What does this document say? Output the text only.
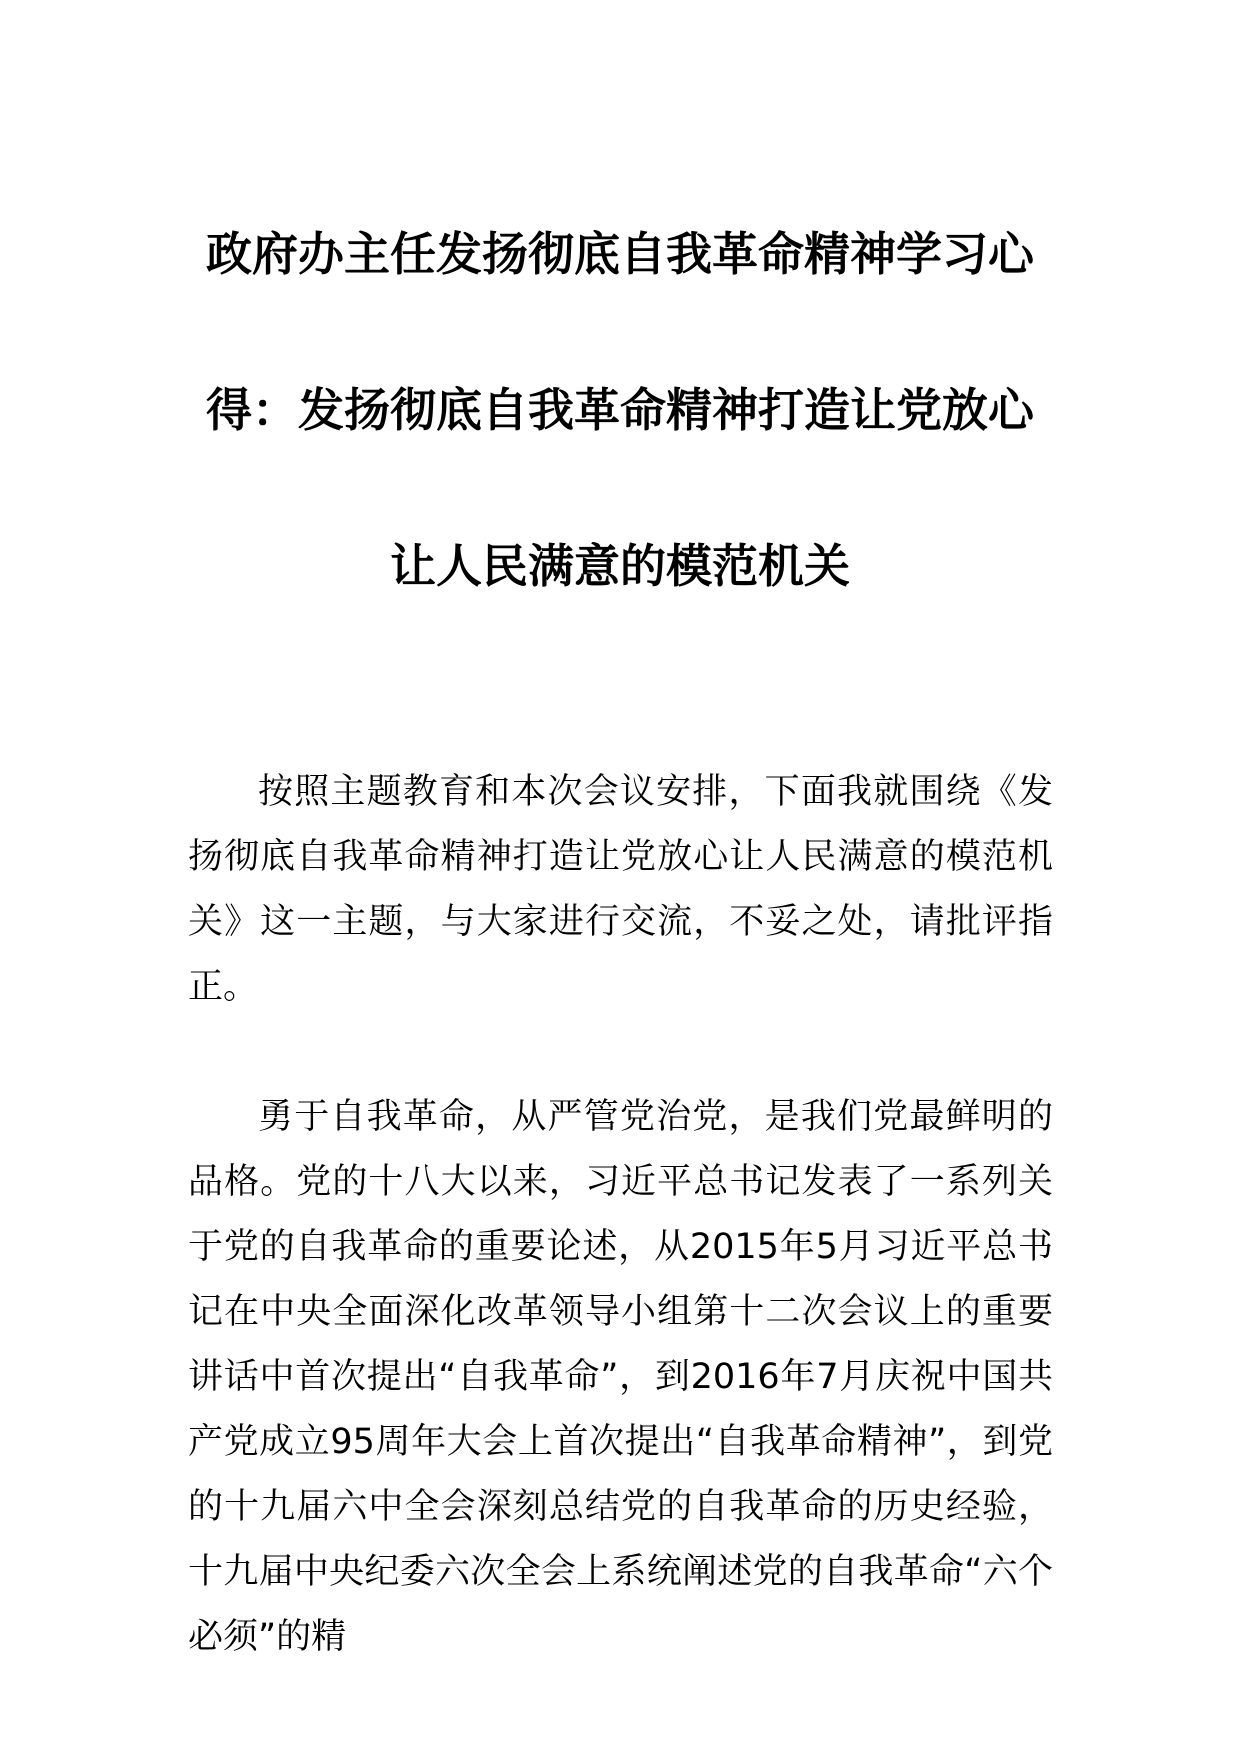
政府办主任发扬彻底自我革命精神学习心
得：发扬彻底自我革命精神打造让党放心
让人民满意的模范机关

按照主题教育和本次会议安排，下面我就围绕《发扬彻底自我革命精神打造让党放心让人民满意的模范机关》这一主题，与大家进行交流，不妥之处，请批评指正。

勇于自我革命，从严管党治党，是我们党最鲜明的品格。党的十八大以来，习近平总书记发表了一系列关于党的自我革命的重要论述，从2015年5月习近平总书记在中央全面深化改革领导小组第十二次会议上的重要讲话中首次提出“自我革命”，到2016年7月庆祝中国共产党成立95周年大会上首次提出“自我革命精神”，到党的十九届六中全会深刻总结党的自我革命的历史经验，十九届中央纪委六次全会上系统阐述党的自我革命“六个必须”的精
